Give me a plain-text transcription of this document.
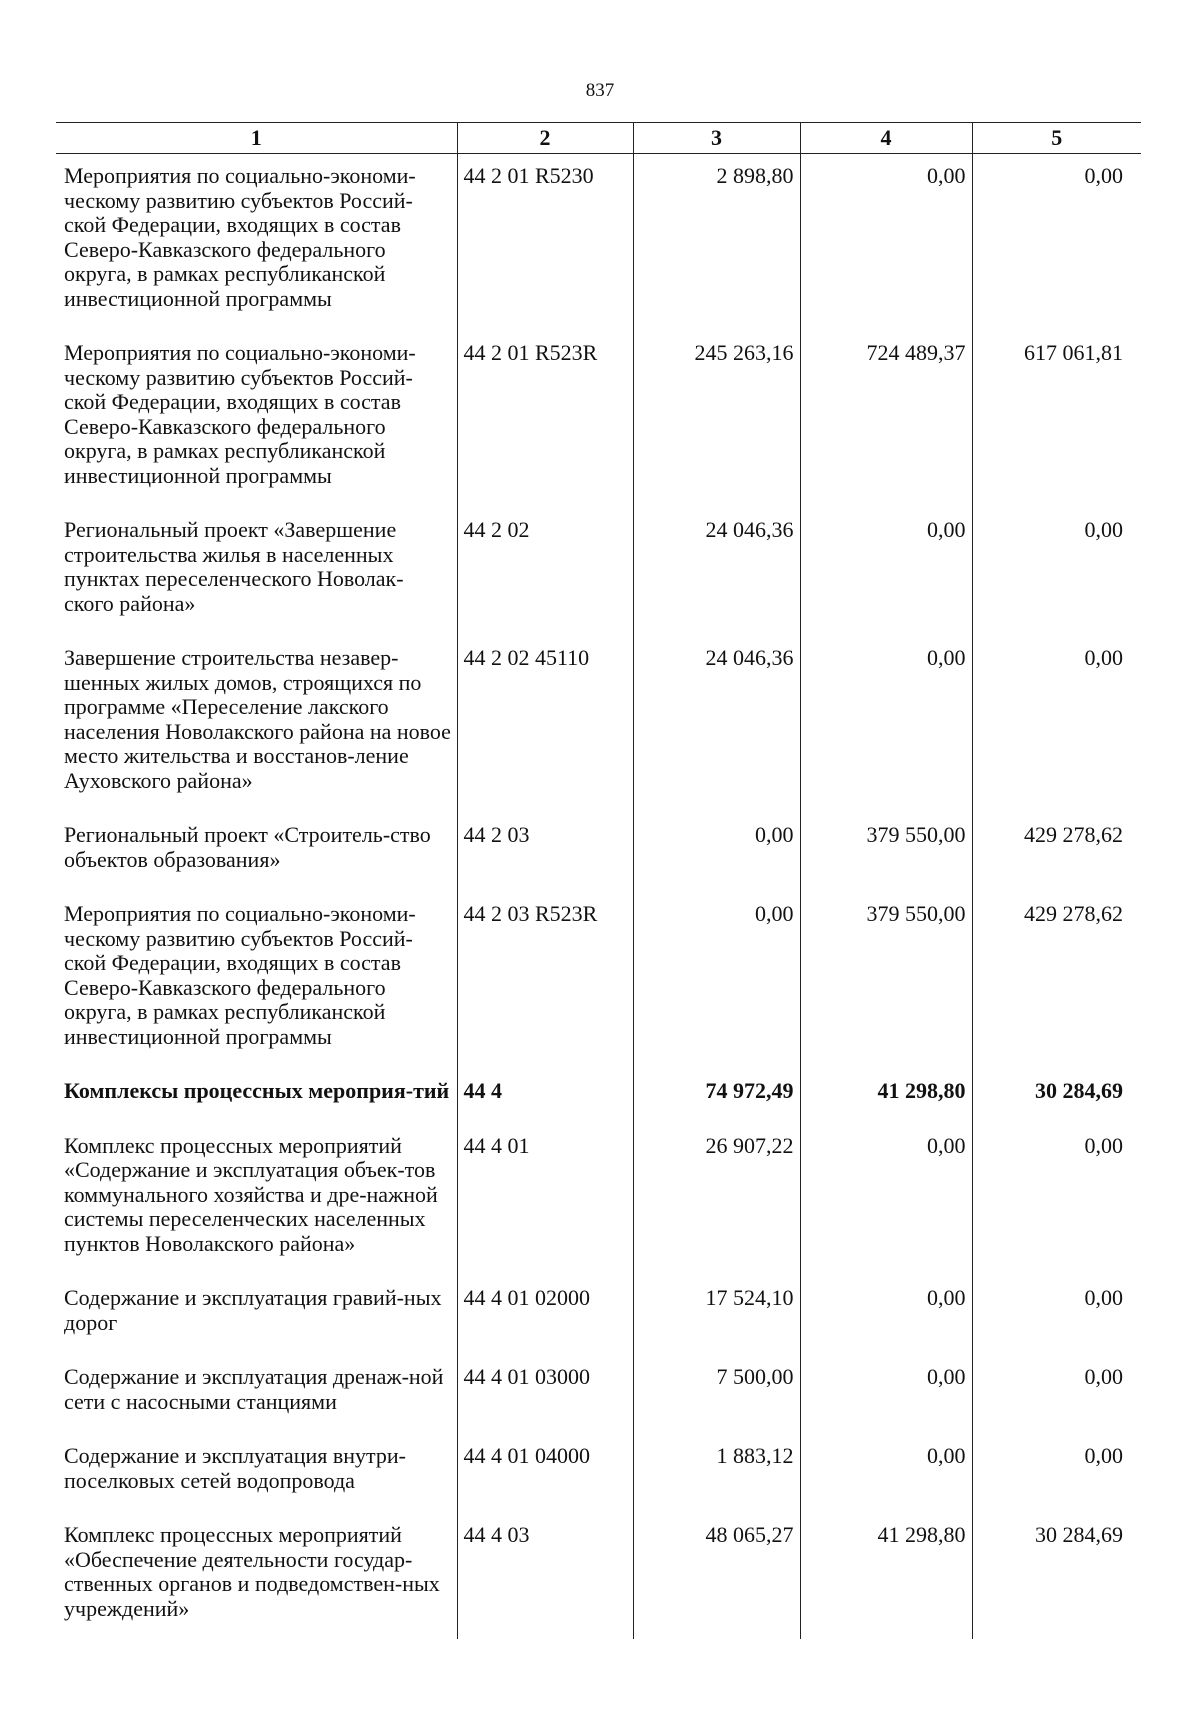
837
1	2	3	4	5
Мероприятия по социально-экономи-ческому развитию субъектов Россий-ской Федерации, входящих в состав Северо-Кавказского федерального округа, в рамках республиканской инвестиционной программы	44 2 01 R5230	2 898,80	0,00	0,00
Мероприятия по социально-экономи-ческому развитию субъектов Россий-ской Федерации, входящих в состав Северо-Кавказского федерального округа, в рамках республиканской инвестиционной программы	44 2 01 R523R	245 263,16	724 489,37	617 061,81
Региональный проект «Завершение строительства жилья в населенных пунктах переселенческого Новолак-ского района»	44 2 02	24 046,36	0,00	0,00
Завершение строительства незавер-шенных жилых домов, строящихся по программе «Переселение лакского населения Новолакского района на новое место жительства и восстанов-ление Ауховского района»	44 2 02 45110	24 046,36	0,00	0,00
Региональный проект «Строитель-ство объектов образования»	44 2 03	0,00	379 550,00	429 278,62
Мероприятия по социально-экономи-ческому развитию субъектов Россий-ской Федерации, входящих в состав Северо-Кавказского федерального округа, в рамках республиканской инвестиционной программы	44 2 03 R523R	0,00	379 550,00	429 278,62
Комплексы процессных мероприя-тий	44 4	74 972,49	41 298,80	30 284,69
Комплекс процессных мероприятий «Содержание и эксплуатация объек-тов коммунального хозяйства и дре-нажной системы переселенческих населенных пунктов Новолакского района»	44 4 01	26 907,22	0,00	0,00
Содержание и эксплуатация гравий-ных дорог	44 4 01 02000	17 524,10	0,00	0,00
Содержание и эксплуатация дренаж-ной сети с насосными станциями	44 4 01 03000	7 500,00	0,00	0,00
Содержание и эксплуатация внутри-поселковых сетей водопровода	44 4 01 04000	1 883,12	0,00	0,00
Комплекс процессных мероприятий «Обеспечение деятельности государ-ственных органов и подведомствен-ных учреждений»	44 4 03	48 065,27	41 298,80	30 284,69
